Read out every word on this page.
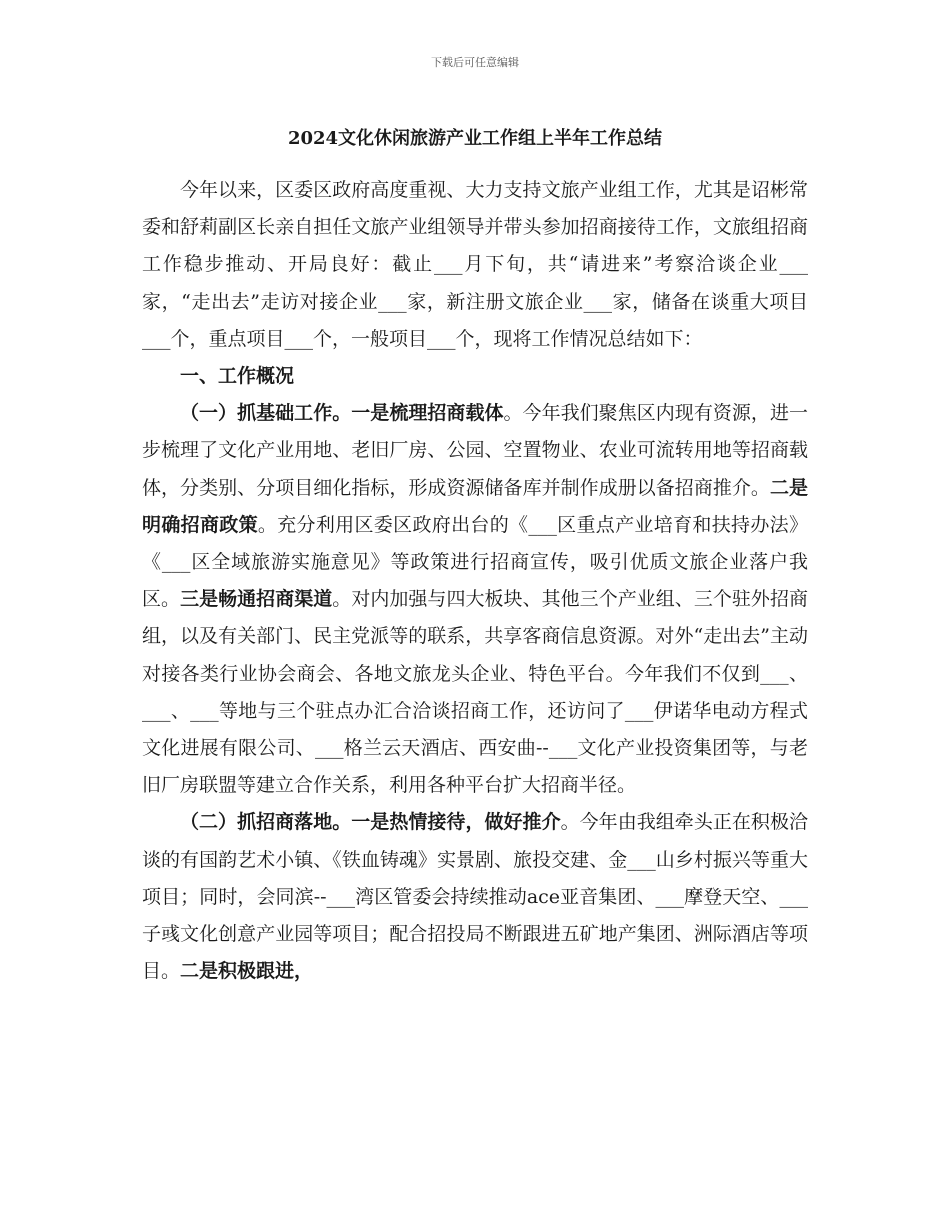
下载后可任意编辑
2024文化休闲旅游产业工作组上半年工作总结

今年以来，区委区政府高度重视、大力支持文旅产业组工作，尤其是诏彬常委和舒莉副区长亲自担任文旅产业组领导并带头参加招商接待工作，文旅组招商工作稳步推动、开局良好：截止___月下旬，共“请进来”考察洽谈企业___家，“走出去”走访对接企业___家，新注册文旅企业___家，储备在谈重大项目___个，重点项目___个，一般项目___个，现将工作情况总结如下：

一、工作概况

（一）抓基础工作。一是梳理招商载体。今年我们聚焦区内现有资源，进一步梳理了文化产业用地、老旧厂房、公园、空置物业、农业可流转用地等招商载体，分类别、分项目细化指标，形成资源储备库并制作成册以备招商推介。二是明确招商政策。充分利用区委区政府出台的《___区重点产业培育和扶持办法》《___区全域旅游实施意见》等政策进行招商宣传，吸引优质文旅企业落户我区。三是畅通招商渠道。对内加强与四大板块、其他三个产业组、三个驻外招商组，以及有关部门、民主党派等的联系，共享客商信息资源。对外“走出去”主动对接各类行业协会商会、各地文旅龙头企业、特色平台。今年我们不仅到___、___、___等地与三个驻点办汇合洽谈招商工作，还访问了___伊诺华电动方程式文化进展有限公司、___格兰云天酒店、西安曲--___文化产业投资集团等，与老旧厂房联盟等建立合作关系，利用各种平台扩大招商半径。

（二）抓招商落地。一是热情接待，做好推介。今年由我组牵头正在积极洽谈的有国韵艺术小镇、《铁血铸魂》实景剧、旅投交建、金___山乡村振兴等重大项目；同时，会同滨--___湾区管委会持续推动ace亚音集团、___摩登天空、___子彧文化创意产业园等项目；配合招投局不断跟进五矿地产集团、洲际酒店等项目。二是积极跟进，
